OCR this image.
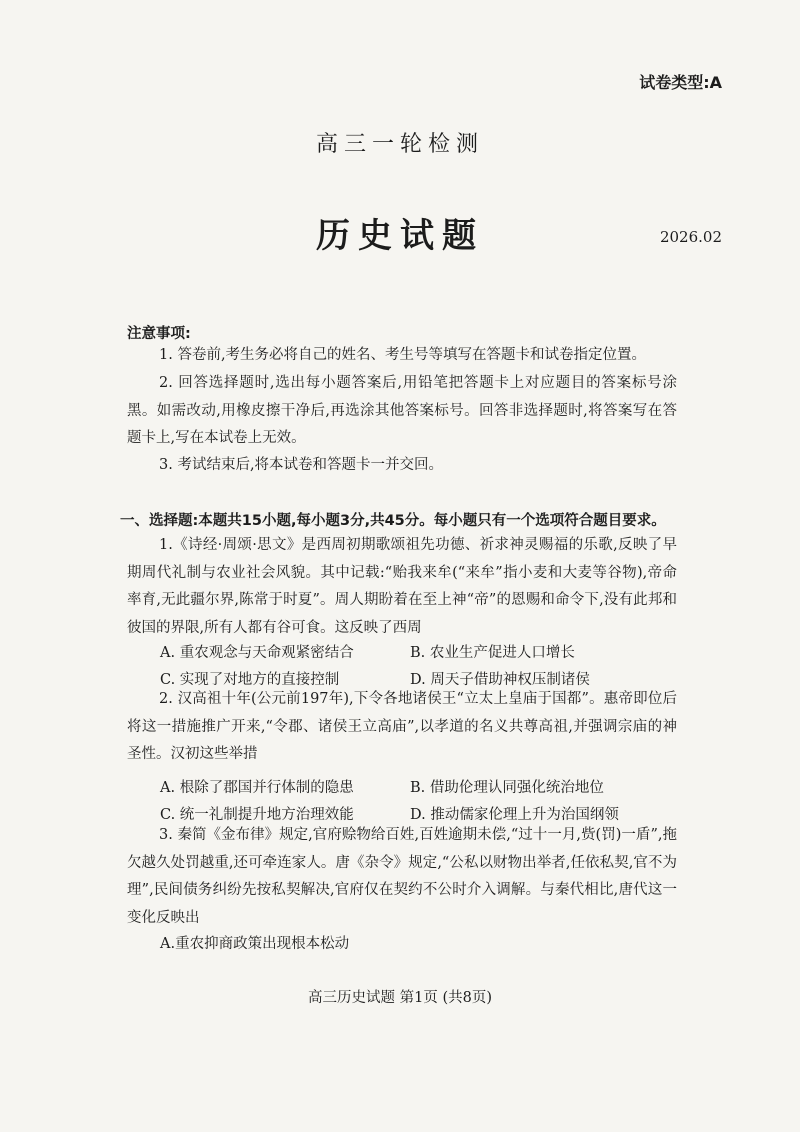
试卷类型:A
高三一轮检测
历史试题	2026.02
注意事项:
1. 答卷前,考生务必将自己的姓名、考生号等填写在答题卡和试卷指定位置。
2. 回答选择题时,选出每小题答案后,用铅笔把答题卡上对应题目的答案标号涂黑。如需改动,用橡皮擦干净后,再选涂其他答案标号。回答非选择题时,将答案写在答题卡上,写在本试卷上无效。
3. 考试结束后,将本试卷和答题卡一并交回。
一、选择题:本题共15小题,每小题3分,共45分。每小题只有一个选项符合题目要求。
1.《诗经·周颂·思文》是西周初期歌颂祖先功德、祈求神灵赐福的乐歌,反映了早期周代礼制与农业社会风貌。其中记载:“贻我来牟(“来牟”指小麦和大麦等谷物),帝命率育,无此疆尔界,陈常于时夏”。周人期盼着在至上神“帝”的恩赐和命令下,没有此邦和彼国的界限,所有人都有谷可食。这反映了西周
A. 重农观念与天命观紧密结合	B. 农业生产促进人口增长
C. 实现了对地方的直接控制	D. 周天子借助神权压制诸侯
2. 汉高祖十年(公元前197年),下令各地诸侯王“立太上皇庙于国都”。惠帝即位后将这一措施推广开来,“令郡、诸侯王立高庙”,以孝道的名义共尊高祖,并强调宗庙的神圣性。汉初这些举措
A. 根除了郡国并行体制的隐患	B. 借助伦理认同强化统治地位
C. 统一礼制提升地方治理效能	D. 推动儒家伦理上升为治国纲领
3. 秦简《金布律》规定,官府赊物给百姓,百姓逾期未偿,“过十一月,赀(罚)一盾”,拖欠越久处罚越重,还可牵连家人。唐《杂令》规定,“公私以财物出举者,任依私契,官不为理”,民间债务纠纷先按私契解决,官府仅在契约不公时介入调解。与秦代相比,唐代这一变化反映出
A.重农抑商政策出现根本松动
高三历史试题 第1页 (共8页)
